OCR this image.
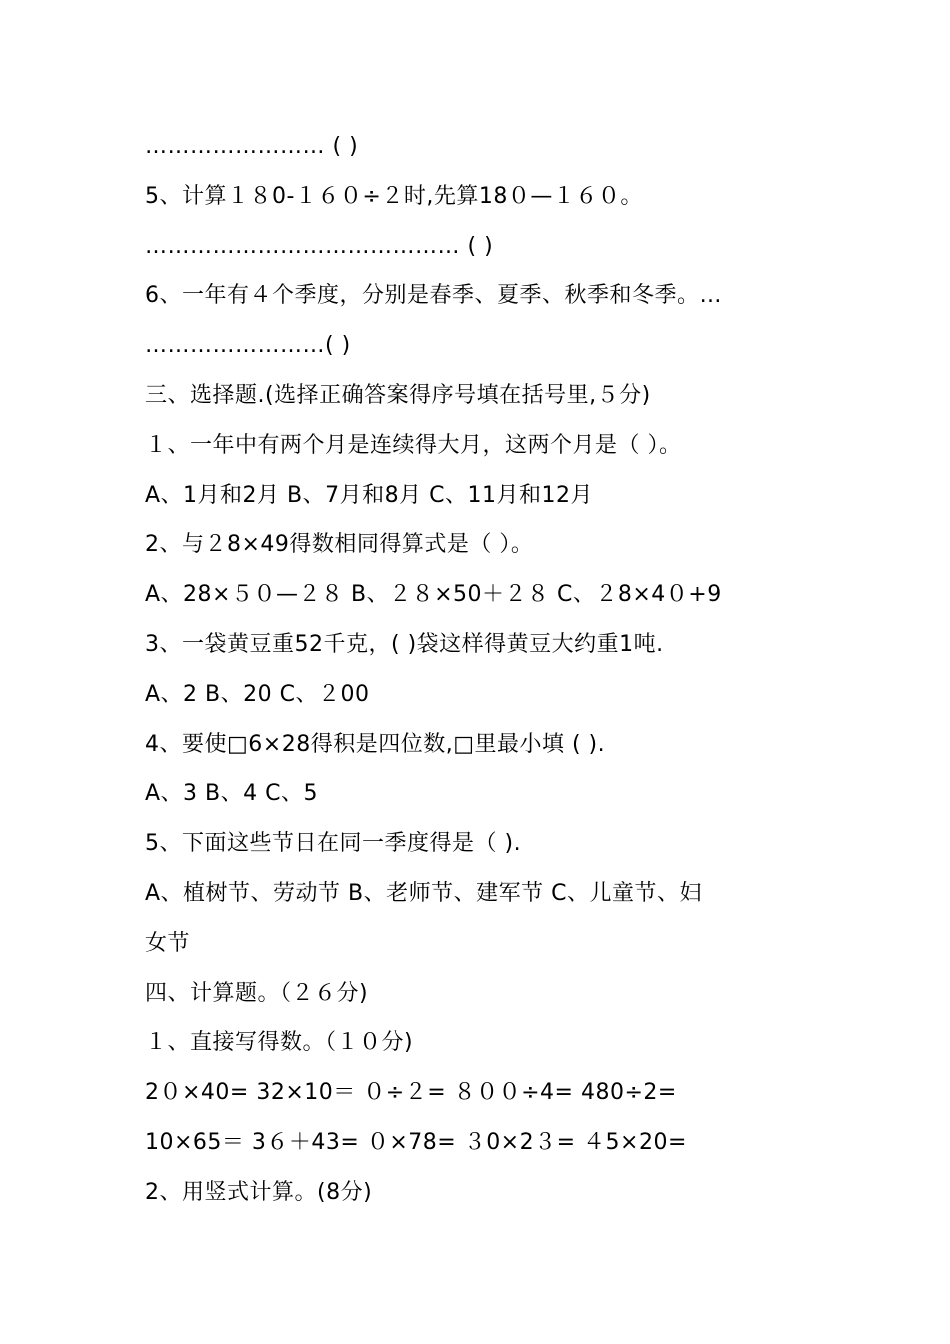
…………………… ( )
5、计算１８0-１６０÷２时,先算18０—１６０。
…………………………………… ( )
6、一年有４个季度，分别是春季、夏季、秋季和冬季。…
……………………( )
三、选择题.(选择正确答案得序号填在括号里,５分)
１、一年中有两个月是连续得大月，这两个月是（ ）。
A、1月和2月 B、7月和8月 C、11月和12月
2、与２8×49得数相同得算式是（ ）。
A、28×５０—２８ B、２８×50＋２８ C、２8×4０+9
3、一袋黄豆重52千克，( )袋这样得黄豆大约重1吨.
A、2 B、20 C、２00
4、要使□6×28得积是四位数,□里最小填 ( ).
A、3 B、4 C、5
5、下面这些节日在同一季度得是（ ).
A、植树节、劳动节 B、老师节、建军节 C、儿童节、妇
女节
四、计算题。（２６分)
１、直接写得数。（１０分)
2０×40= 32×10＝ ０÷２= ８００÷4= 480÷2=
10×65＝ 3６＋43= ０×78= ３0×2３= ４5×20=
2、用竖式计算。(8分)
